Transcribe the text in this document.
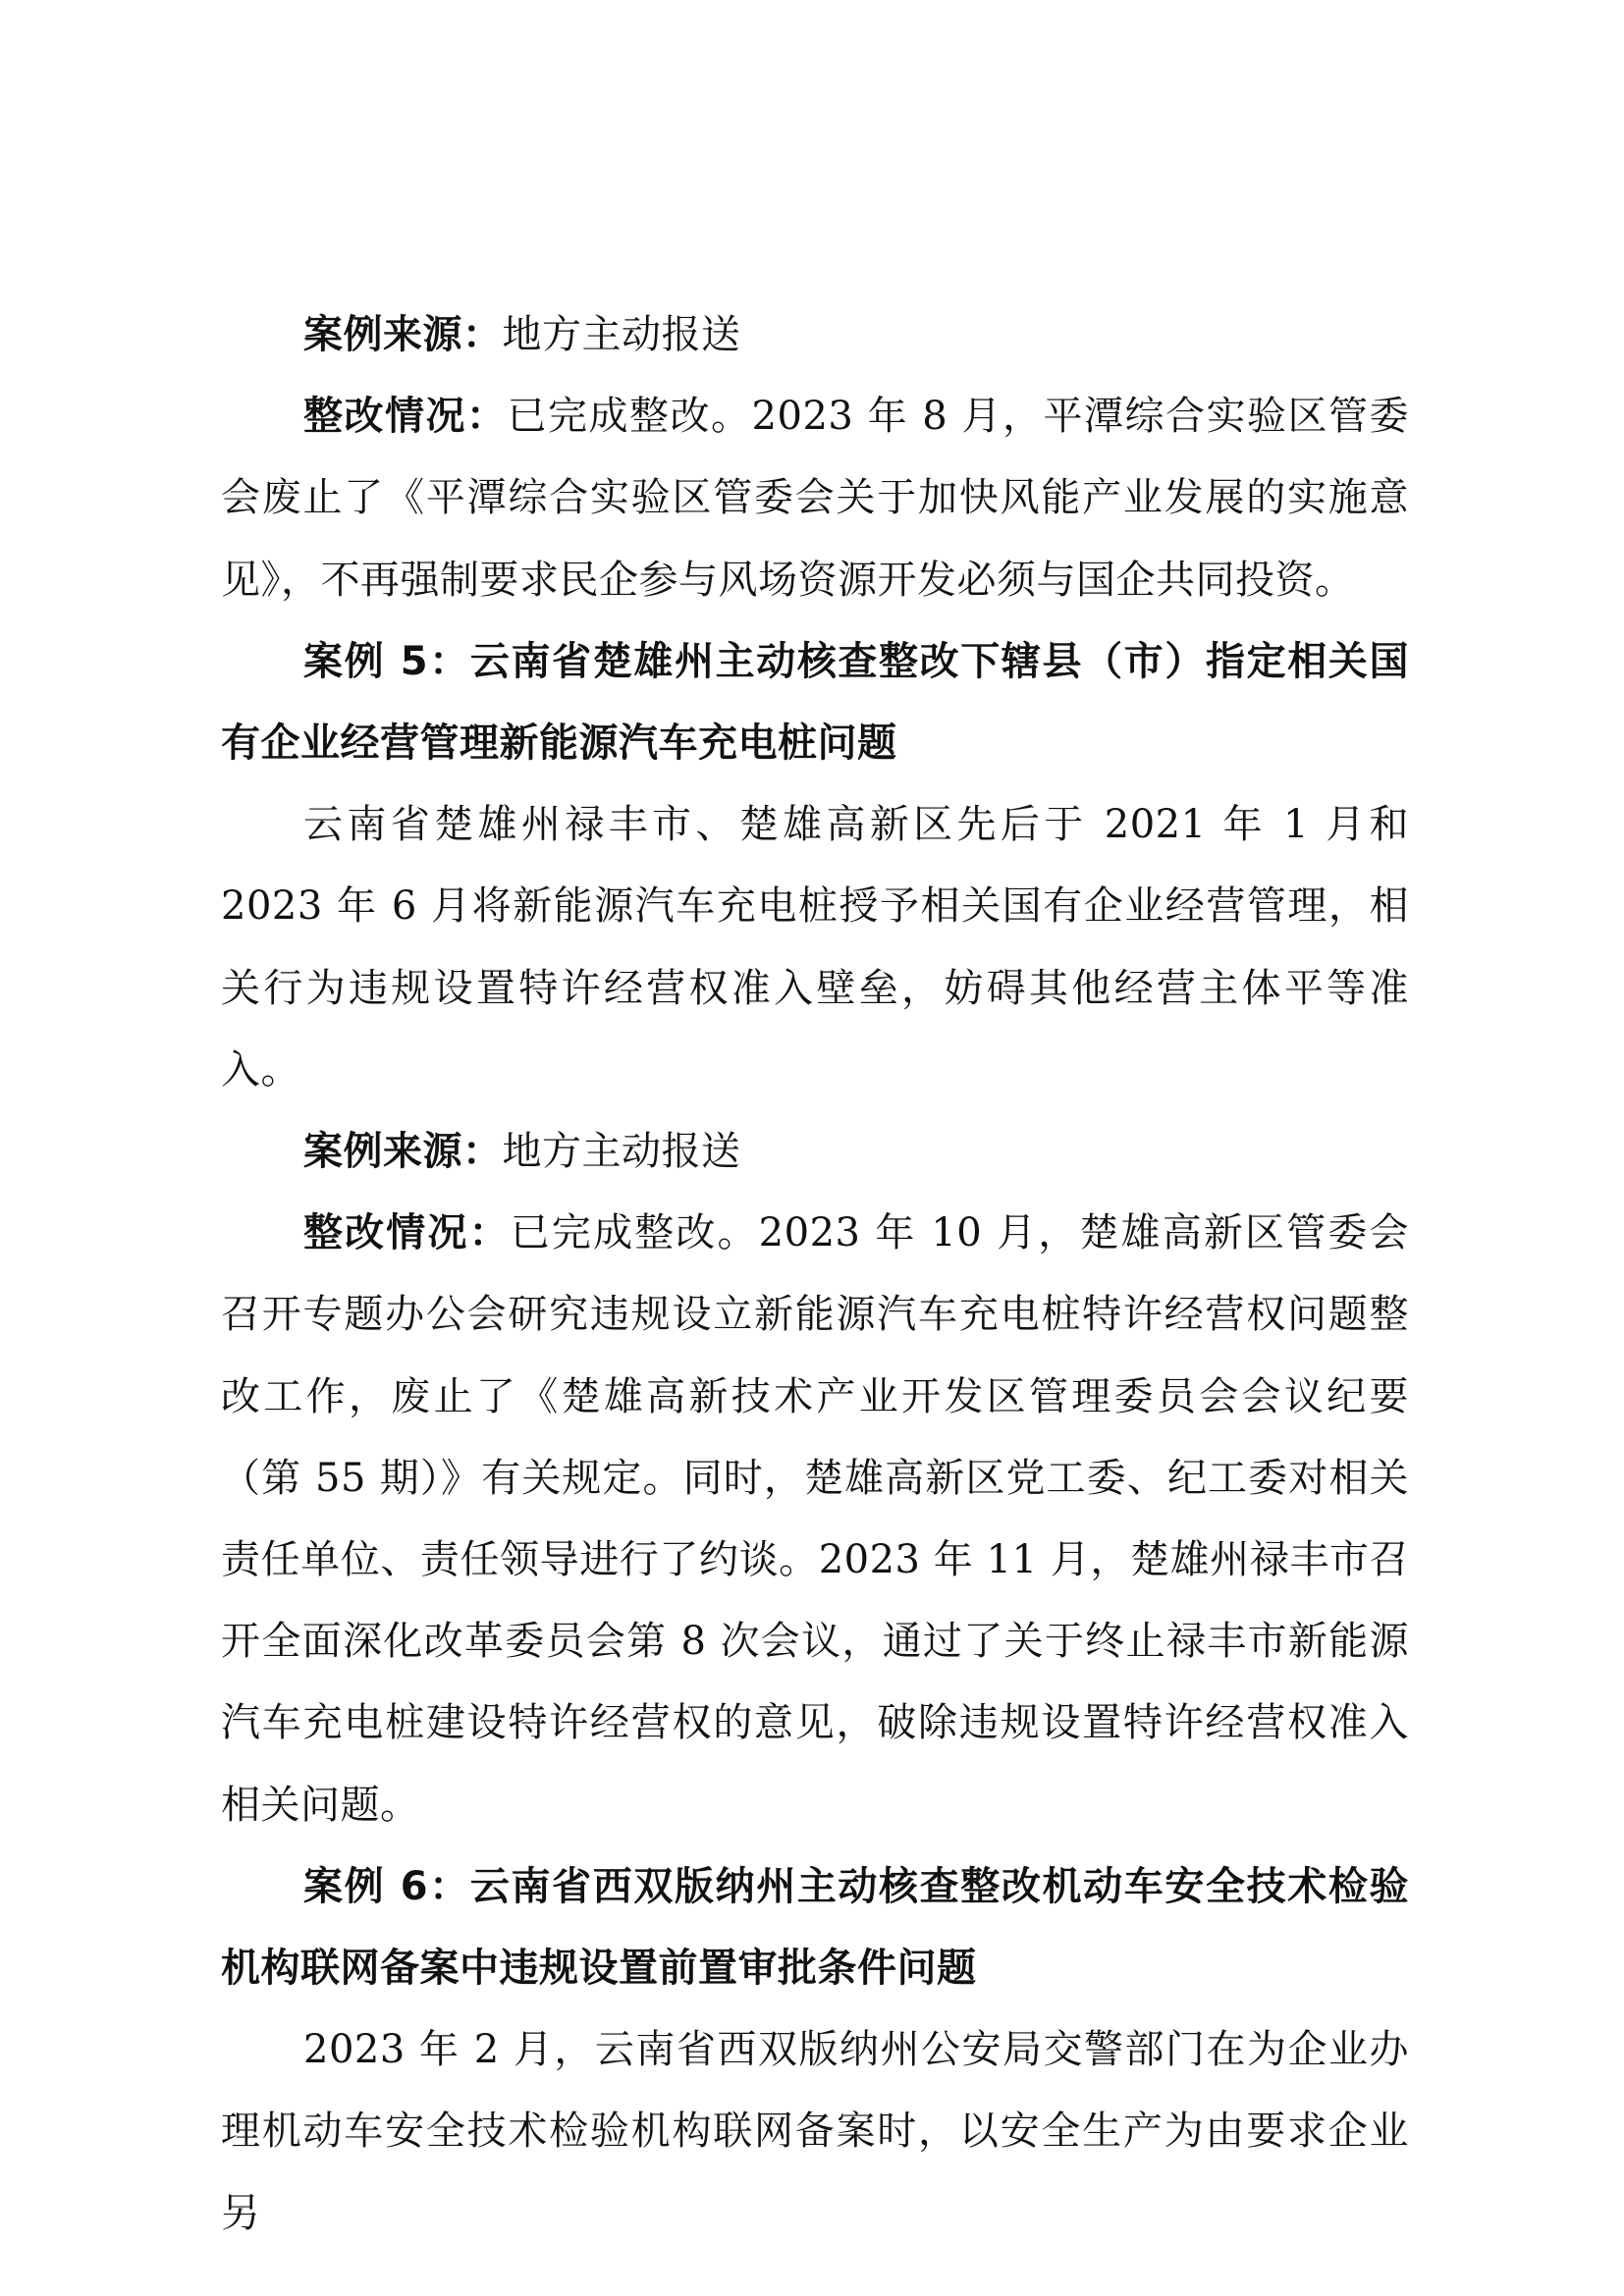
案例来源：地方主动报送

整改情况：已完成整改。2023 年 8 月，平潭综合实验区管委会废止了《平潭综合实验区管委会关于加快风能产业发展的实施意见》，不再强制要求民企参与风场资源开发必须与国企共同投资。

案例 5：云南省楚雄州主动核查整改下辖县（市）指定相关国有企业经营管理新能源汽车充电桩问题

云南省楚雄州禄丰市、楚雄高新区先后于 2021 年 1 月和 2023 年 6 月将新能源汽车充电桩授予相关国有企业经营管理，相关行为违规设置特许经营权准入壁垒，妨碍其他经营主体平等准入。

案例来源：地方主动报送

整改情况：已完成整改。2023 年 10 月，楚雄高新区管委会召开专题办公会研究违规设立新能源汽车充电桩特许经营权问题整改工作，废止了《楚雄高新技术产业开发区管理委员会会议纪要（第 55 期）》有关规定。同时，楚雄高新区党工委、纪工委对相关责任单位、责任领导进行了约谈。2023 年 11 月，楚雄州禄丰市召开全面深化改革委员会第 8 次会议，通过了关于终止禄丰市新能源汽车充电桩建设特许经营权的意见，破除违规设置特许经营权准入相关问题。

案例 6：云南省西双版纳州主动核查整改机动车安全技术检验机构联网备案中违规设置前置审批条件问题

2023 年 2 月，云南省西双版纳州公安局交警部门在为企业办理机动车安全技术检验机构联网备案时，以安全生产为由要求企业另
